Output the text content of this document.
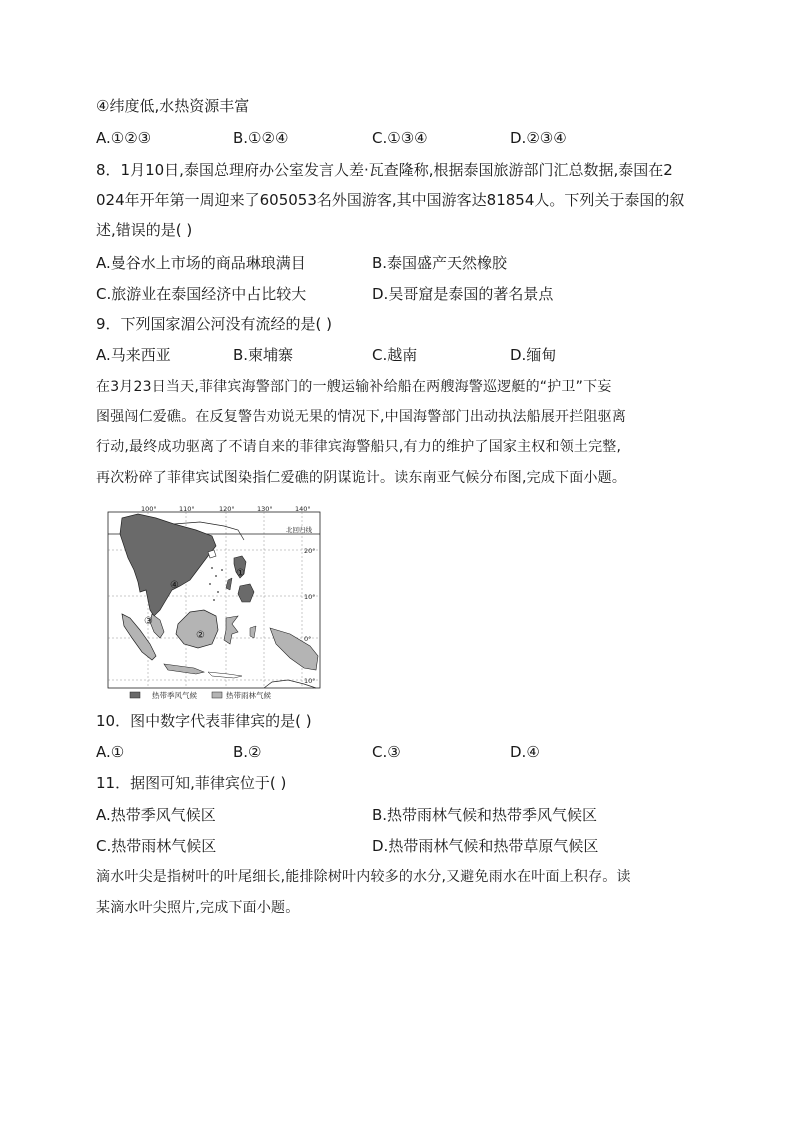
④纬度低,水热资源丰富
A.①②③	B.①②④	C.①③④	D.②③④
8．1月10日,泰国总理府办公室发言人差·瓦查隆称,根据泰国旅游部门汇总数据,泰国在2
024年开年第一周迎来了605053名外国游客,其中国游客达81854人。下列关于泰国的叙
述,错误的是( )
A.曼谷水上市场的商品琳琅满目	B.泰国盛产天然橡胶
C.旅游业在泰国经济中占比较大	D.吴哥窟是泰国的著名景点
9．下列国家湄公河没有流经的是( )
A.马来西亚	B.柬埔寨	C.越南	D.缅甸
在3月23日当天,菲律宾海警部门的一艘运输补给船在两艘海警巡逻艇的“护卫”下妄
图强闯仁爱礁。在反复警告劝说无果的情况下,中国海警部门出动执法船展开拦阻驱离
行动,最终成功驱离了不请自来的菲律宾海警船只,有力的维护了国家主权和领土完整,
再次粉碎了菲律宾试图染指仁爱礁的阴谋诡计。读东南亚气候分布图,完成下面小题。
①
②
③
④
100°	110°	120°	130°	140°
北回归线
20°
10°
0°
10°
热带季风气候	热带雨林气候
10．图中数字代表菲律宾的是( )
A.①	B.②	C.③	D.④
11．据图可知,菲律宾位于( )
A.热带季风气候区	B.热带雨林气候和热带季风气候区
C.热带雨林气候区	D.热带雨林气候和热带草原气候区
滴水叶尖是指树叶的叶尾细长,能排除树叶内较多的水分,又避免雨水在叶面上积存。读
某滴水叶尖照片,完成下面小题。
